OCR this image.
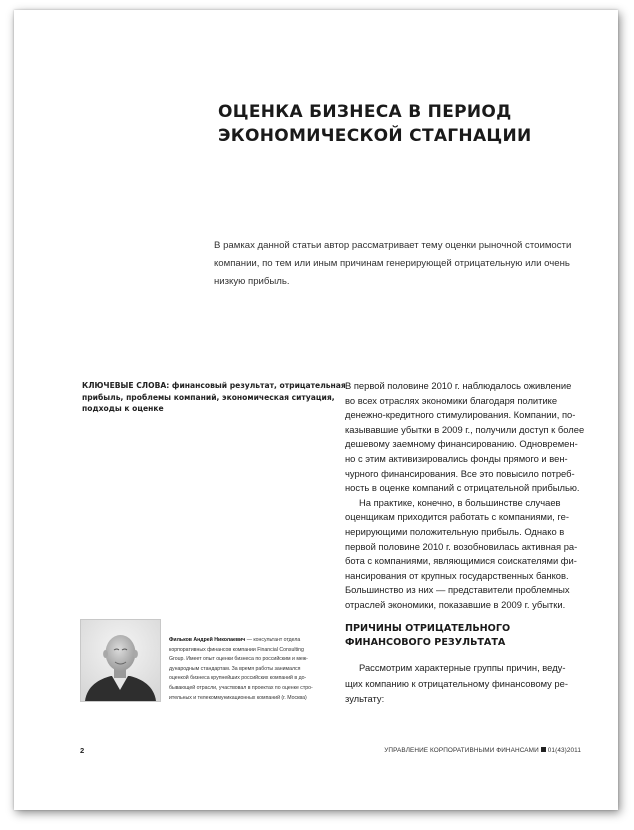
ОЦЕНКА БИЗНЕСА В ПЕРИОД
ЭКОНОМИЧЕСКОЙ СТАГНАЦИИ
В рамках данной статьи автор рассматривает тему оценки рыночной стоимости
компании, по тем или иным причинам генерирующей отрицательную или очень
низкую прибыль.
КЛЮЧЕВЫЕ СЛОВА: финансовый результат, отрицательная
прибыль, проблемы компаний, экономическая ситуация,
подходы к оценке
В первой половине 2010 г. наблюдалось оживление
во всех отраслях экономики благодаря политике
денежно-кредитного стимулирования. Компании, по-
казывавшие убытки в 2009 г., получили доступ к более
дешевому заемному финансированию. Одновремен-
но с этим активизировались фонды прямого и вен-
чурного финансирования. Все это повысило потреб-
ность в оценке компаний с отрицательной прибылью.
На практике, конечно, в большинстве случаев
оценщикам приходится работать с компаниями, ге-
нерирующими положительную прибыль. Однако в
первой половине 2010 г. возобновилась активная ра-
бота с компаниями, являющимися соискателями фи-
нансирования от крупных государственных банков.
Большинство из них — представители проблемных
отраслей экономики, показавшие в 2009 г. убытки.
ПРИЧИНЫ ОТРИЦАТЕЛЬНОГО
ФИНАНСОВОГО РЕЗУЛЬТАТА
Рассмотрим характерные группы причин, веду-
щих компанию к отрицательному финансовому ре-
зультату:
Фильков Андрей Николаевич — консультант отдела
корпоративных финансов компании Financial Consulting
Group. Имеет опыт оценки бизнеса по российским и меж-
дународным стандартам. За время работы занимался
оценкой бизнеса крупнейших российских компаний в до-
бывающей отрасли, участвовал в проектах по оценке стро-
ительных и телекоммуникационных компаний (г. Москва)
2	УПРАВЛЕНИЕ КОРПОРАТИВНЫМИ ФИНАНСАМИ 01(43)2011
